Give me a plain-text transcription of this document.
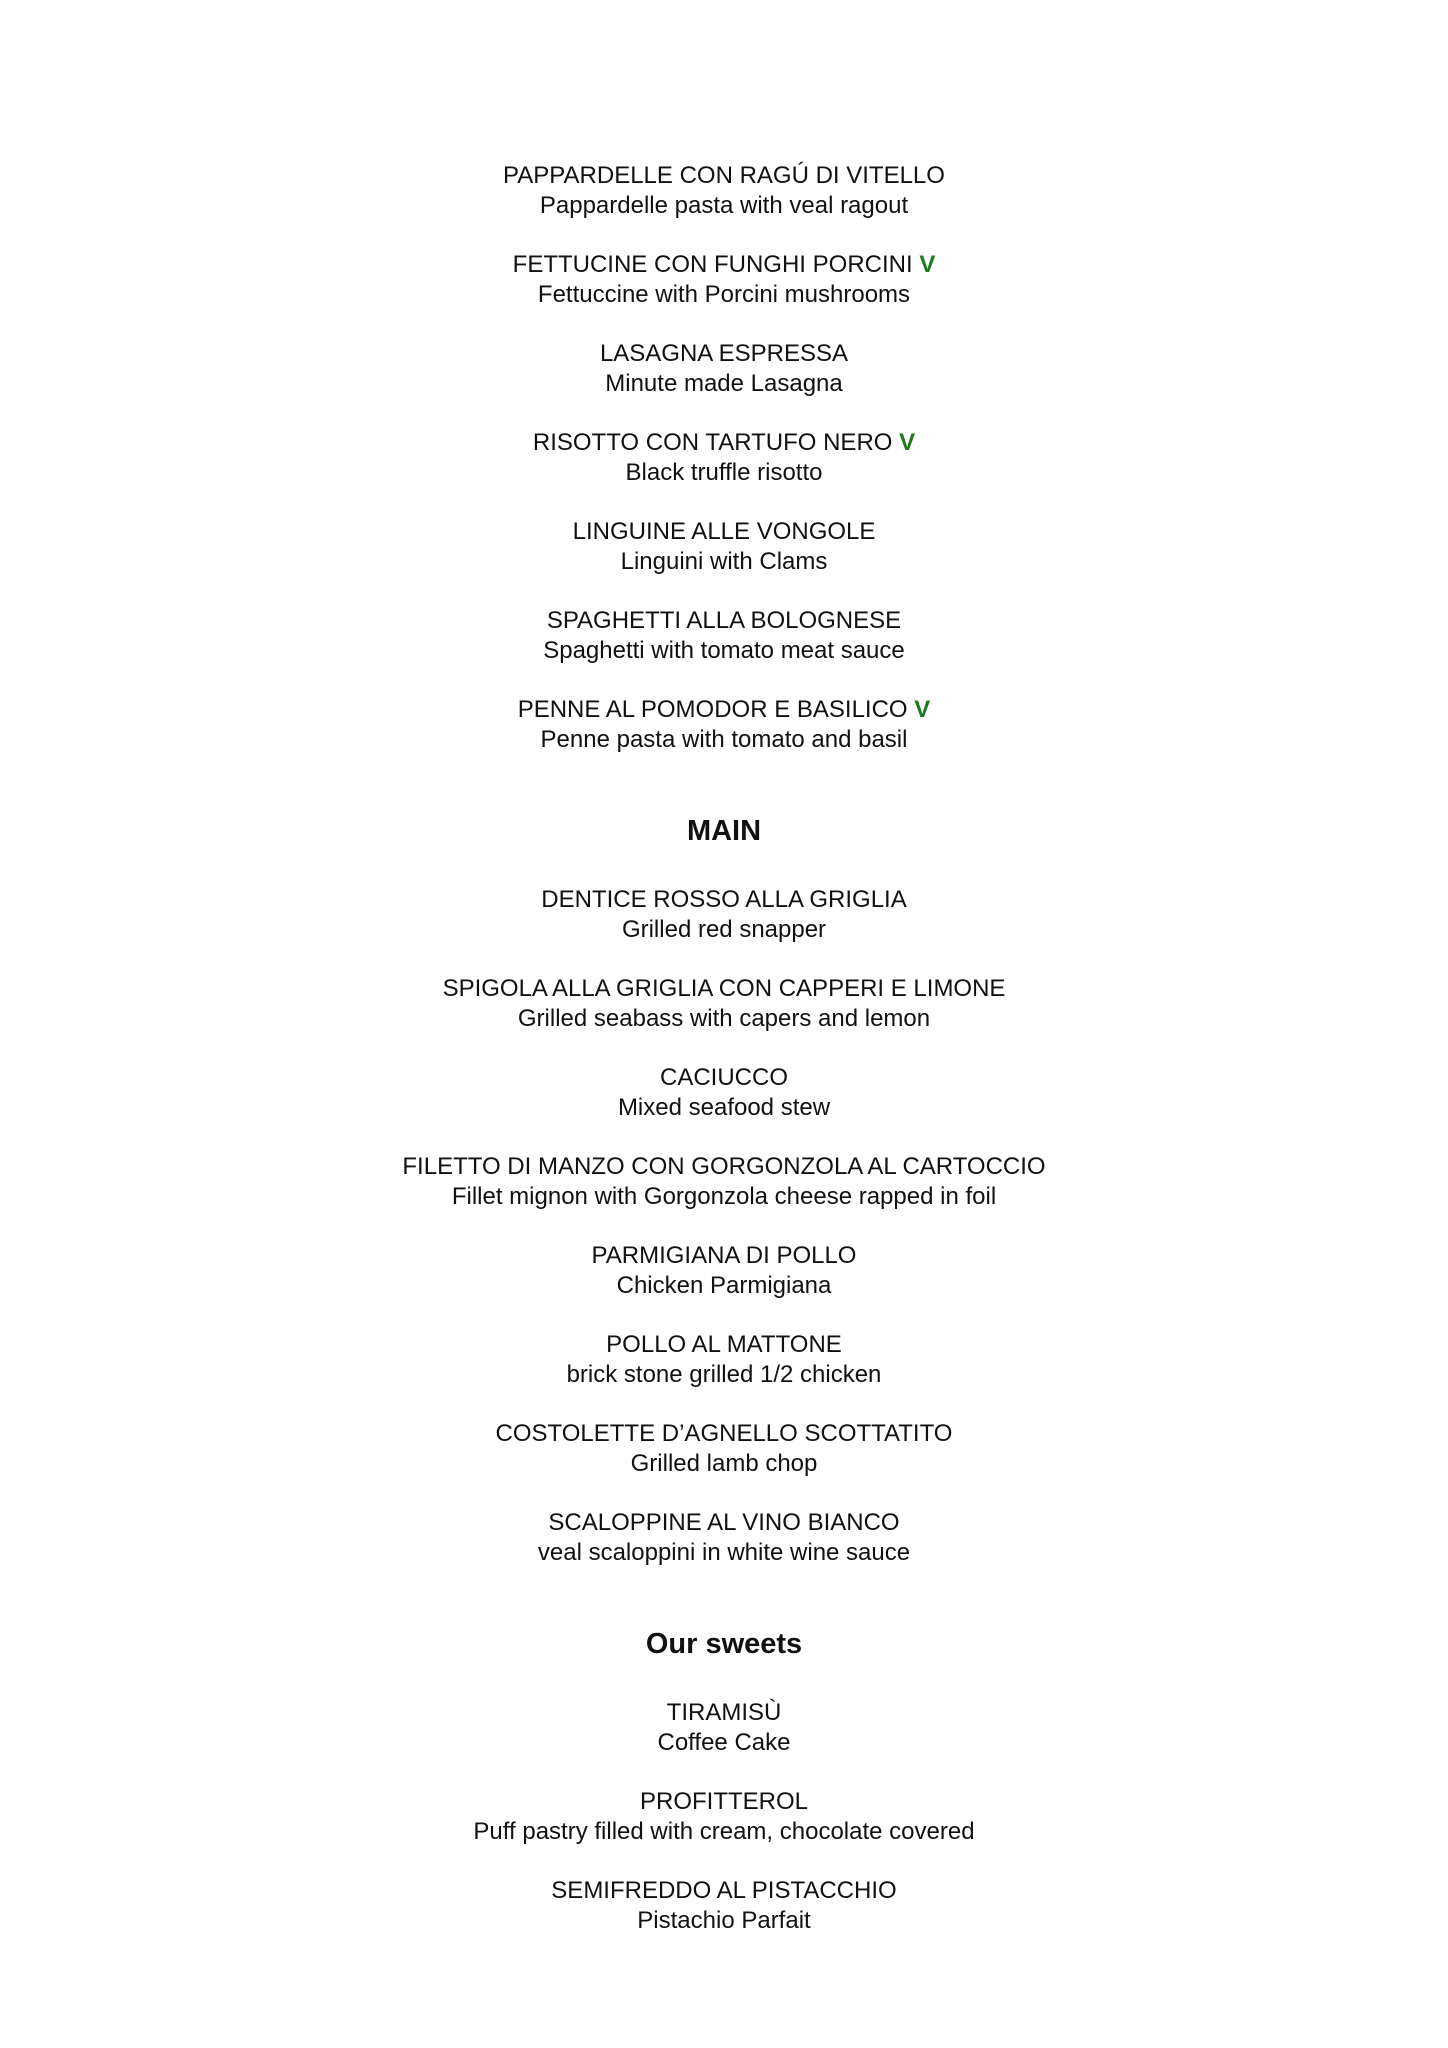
PAPPARDELLE CON RAGÚ DI VITELLO
Pappardelle pasta with veal ragout
FETTUCINE CON FUNGHI PORCINI V
Fettuccine with Porcini mushrooms
LASAGNA ESPRESSA
Minute made Lasagna
RISOTTO CON TARTUFO NERO V
Black truffle risotto
LINGUINE ALLE VONGOLE
Linguini with Clams
SPAGHETTI ALLA BOLOGNESE
Spaghetti with tomato meat sauce
PENNE AL POMODOR E BASILICO V
Penne pasta with tomato and basil
MAIN
DENTICE ROSSO ALLA GRIGLIA
Grilled red snapper
SPIGOLA ALLA GRIGLIA CON CAPPERI E LIMONE
Grilled seabass with capers and lemon
CACIUCCO
Mixed seafood stew
FILETTO DI MANZO CON GORGONZOLA AL CARTOCCIO
Fillet mignon with Gorgonzola cheese rapped in foil
PARMIGIANA DI POLLO
Chicken Parmigiana
POLLO AL MATTONE
brick stone grilled 1/2 chicken
COSTOLETTE D’AGNELLO SCOTTATITO
Grilled lamb chop
SCALOPPINE AL VINO BIANCO
veal scaloppini in white wine sauce
Our sweets
TIRAMISÙ
Coffee Cake
PROFITTEROL
Puff pastry filled with cream, chocolate covered
SEMIFREDDO AL PISTACCHIO
Pistachio Parfait
